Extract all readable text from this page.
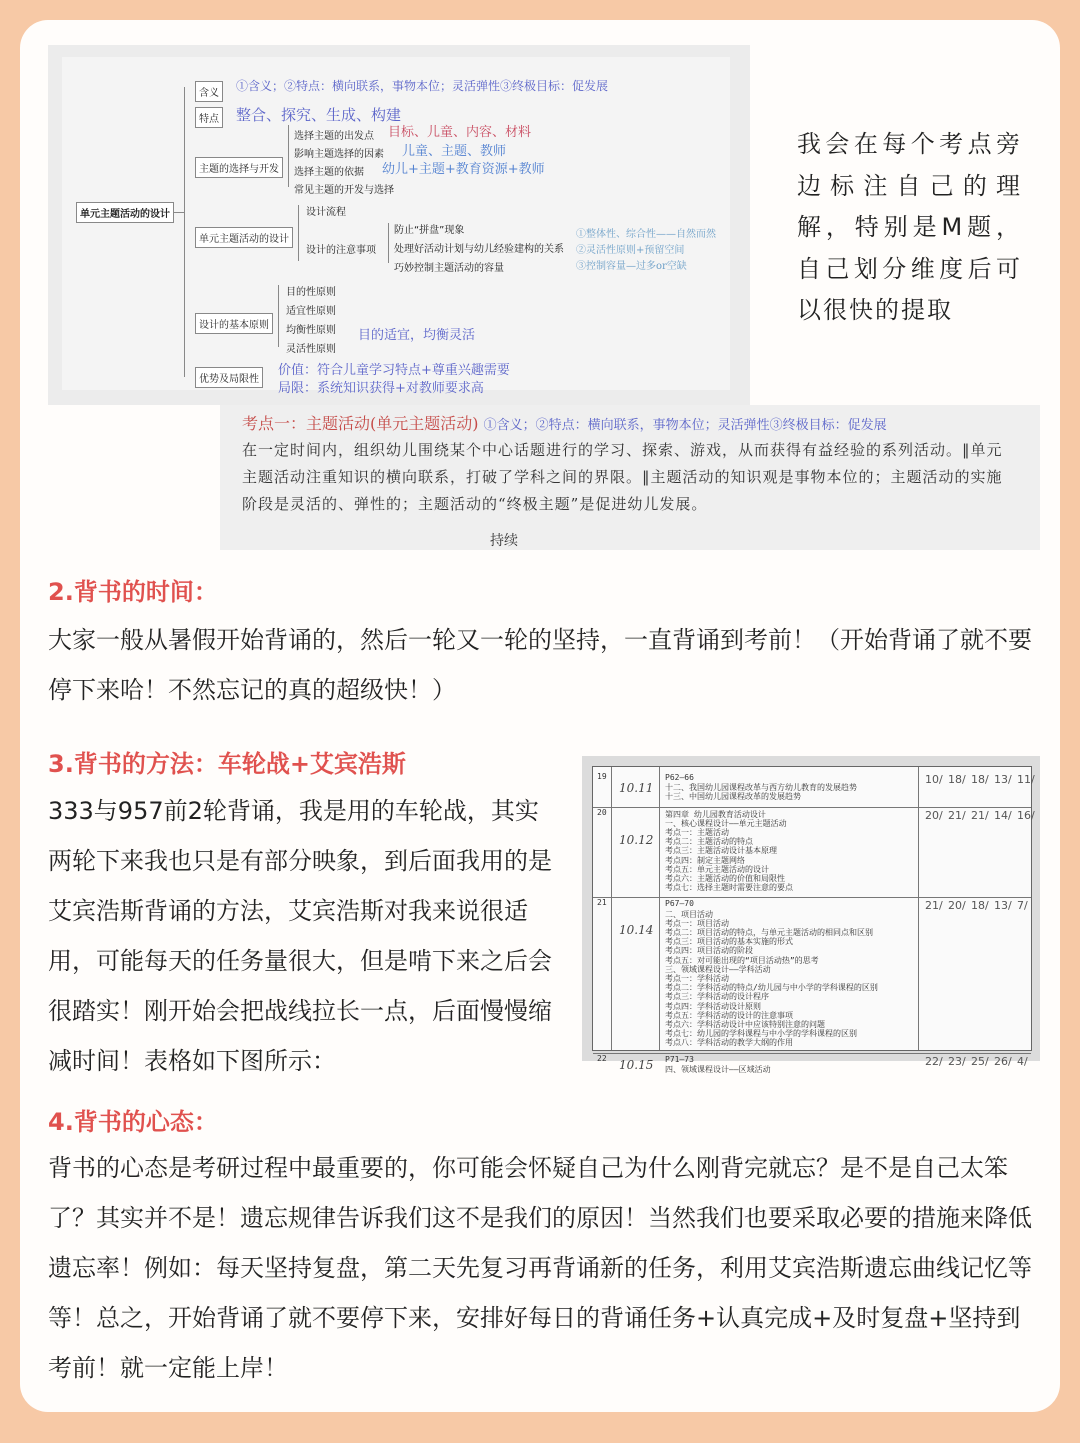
单元主题活动的设计
含义
特点
主题的选择与开发
单元主题活动的设计
设计的基本原则
优势及局限性
①含义；②特点：横向联系，事物本位；灵活弹性③终极目标：促发展
整合、探究、生成、构建
选择主题的出发点
影响主题选择的因素
选择主题的依据
常见主题的开发与选择
目标、儿童、内容、材料
儿童、主题、教师
幼儿+主题+教育资源+教师
设计流程
设计的注意事项
防止“拼盘”现象
处理好活动计划与幼儿经验建构的关系
巧妙控制主题活动的容量
①整体性、综合性——自然而然
②灵活性原则+预留空间
③控制容量—过多or空缺
目的性原则
适宜性原则
均衡性原则
灵活性原则
目的适宜，均衡灵活
价值：符合儿童学习特点+尊重兴趣需要
局限：系统知识获得+对教师要求高
我会在每个考点旁边标注自己的理解，特别是M题，自己划分维度后可以很快的提取
考点一：主题活动(单元主题活动) ①含义；②特点：横向联系，事物本位；灵活弹性③终极目标：促发展
在一定时间内，组织幼儿围绕某个中心话题进行的学习、探索、游戏，从而获得有益经验的系列活动。‖单元主题活动注重知识的横向联系，打破了学科之间的界限。‖主题活动的知识观是事物本位的；主题活动的实施阶段是灵活的、弹性的；主题活动的“终极主题”是促进幼儿发展。
持续
2.背书的时间：
大家一般从暑假开始背诵的，然后一轮又一轮的坚持，一直背诵到考前！（开始背诵了就不要停下来哈！不然忘记的真的超级快！）
3.背书的方法：车轮战+艾宾浩斯
333与957前2轮背诵，我是用的车轮战，其实两轮下来我也只是有部分映象，到后面我用的是艾宾浩斯背诵的方法，艾宾浩斯对我来说很适用，可能每天的任务量很大，但是啃下来之后会很踏实！刚开始会把战线拉长一点，后面慢慢缩减时间！表格如下图所示：
19
10.11
P62—66
十二、我国幼儿园课程改革与西方幼儿教育的发展趋势
十三、中国幼儿园课程改革的发展趋势
10/ 18/ 18/ 13/ 11/
20
10.12
第四章 幼儿园教育活动设计
一、核心课程设计——单元主题活动
考点一：主题活动
考点二：主题活动的特点
考点三：主题活动设计基本原理
考点四：制定主题网络
考点五：单元主题活动的设计
考点六：主题活动的价值和局限性
考点七：选择主题时需要注意的要点
20/ 21/ 21/ 14/ 16/
21
10.14
P67—70
二、项目活动
考点一：项目活动
考点二：项目活动的特点，与单元主题活动的相同点和区别
考点三：项目活动的基本实施的形式
考点四：项目活动的阶段
考点五：对可能出现的“项目活动热”的思考
三、领域课程设计——学科活动
考点一：学科活动
考点二：学科活动的特点/幼儿园与中小学的学科课程的区别
考点三：学科活动的设计程序
考点四：学科活动设计原则
考点五：学科活动的设计的注意事项
考点六：学科活动设计中应该特别注意的问题
考点七：幼儿园的学科课程与中小学的学科课程的区别
考点八：学科活动的教学大纲的作用
21/ 20/ 18/ 13/ 7/
22 10.15 P71—73
四、领域课程设计——区域活动
22/ 23/ 25/ 26/ 4/
4.背书的心态：
背书的心态是考研过程中最重要的，你可能会怀疑自己为什么刚背完就忘？是不是自己太笨了？其实并不是！遗忘规律告诉我们这不是我们的原因！当然我们也要采取必要的措施来降低遗忘率！例如：每天坚持复盘，第二天先复习再背诵新的任务，利用艾宾浩斯遗忘曲线记忆等等！总之，开始背诵了就不要停下来，安排好每日的背诵任务+认真完成+及时复盘+坚持到考前！就一定能上岸！
